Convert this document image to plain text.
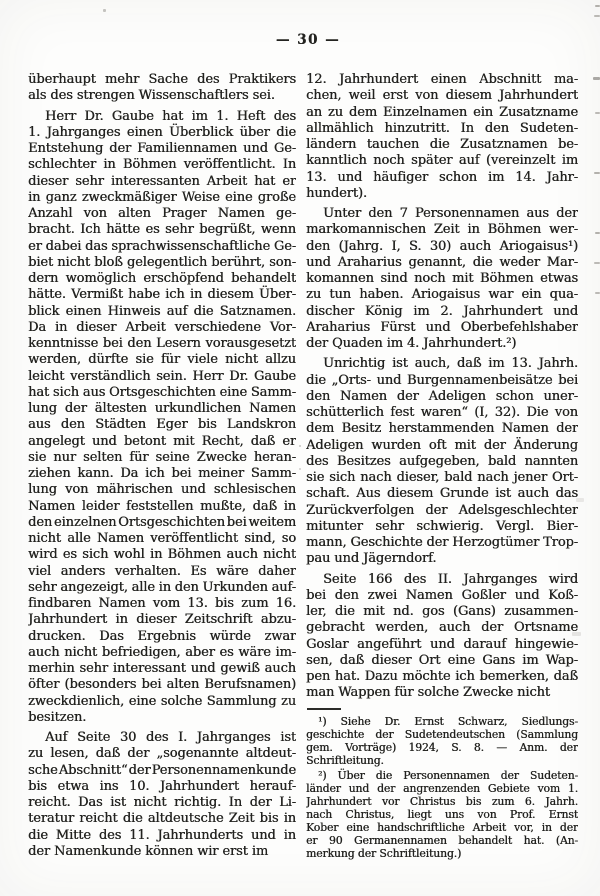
— 30 —
überhaupt mehr Sache des Praktikers
als des strengen Wissenschaftlers sei.
Herr Dr. Gaube hat im 1. Heft des
1. Jahrganges einen Überblick über die
Entstehung der Familiennamen und Ge-
schlechter in Böhmen veröffentlicht. In
dieser sehr interessanten Arbeit hat er
in ganz zweckmäßiger Weise eine große
Anzahl von alten Prager Namen ge-
bracht. Ich hätte es sehr begrüßt, wenn
er dabei das sprachwissenschaftliche Ge-
biet nicht bloß gelegentlich berührt, son-
dern womöglich erschöpfend behandelt
hätte. Vermißt habe ich in diesem Über-
blick einen Hinweis auf die Satznamen.
Da in dieser Arbeit verschiedene Vor-
kenntnisse bei den Lesern vorausgesetzt
werden, dürfte sie für viele nicht allzu
leicht verständlich sein. Herr Dr. Gaube
hat sich aus Ortsgeschichten eine Samm-
lung der ältesten urkundlichen Namen
aus den Städten Eger bis Landskron
angelegt und betont mit Recht, daß er
sie nur selten für seine Zwecke heran-
ziehen kann. Da ich bei meiner Samm-
lung von mährischen und schlesischen
Namen leider feststellen mußte, daß in
den einzelnen Ortsgeschichten bei weitem
nicht alle Namen veröffentlicht sind, so
wird es sich wohl in Böhmen auch nicht
viel anders verhalten. Es wäre daher
sehr angezeigt, alle in den Urkunden auf-
findbaren Namen vom 13. bis zum 16.
Jahrhundert in dieser Zeitschrift abzu-
drucken. Das Ergebnis würde zwar
auch nicht befriedigen, aber es wäre im-
merhin sehr interessant und gewiß auch
öfter (besonders bei alten Berufsnamen)
zweckdienlich, eine solche Sammlung zu
besitzen.
Auf Seite 30 des I. Jahrganges ist
zu lesen, daß der „sogenannte altdeut-
sche Abschnitt“ der Personennamenkunde
bis etwa ins 10. Jahrhundert herauf-
reicht. Das ist nicht richtig. In der Li-
teratur reicht die altdeutsche Zeit bis in
die Mitte des 11. Jahrhunderts und in
der Namenkunde können wir erst im
12. Jahrhundert einen Abschnitt ma-
chen, weil erst von diesem Jahrhundert
an zu dem Einzelnamen ein Zusatzname
allmählich hinzutritt. In den Sudeten-
ländern tauchen die Zusatznamen be-
kanntlich noch später auf (vereinzelt im
13. und häufiger schon im 14. Jahr-
hundert).
Unter den 7 Personennamen aus der
markomannischen Zeit in Böhmen wer-
den (Jahrg. I, S. 30) auch Ariogaisus¹)
und Araharius genannt, die weder Mar-
komannen sind noch mit Böhmen etwas
zu tun haben. Ariogaisus war ein qua-
discher König im 2. Jahrhundert und
Araharius Fürst und Oberbefehlshaber
der Quaden im 4. Jahrhundert.²)
Unrichtig ist auch, daß im 13. Jahrh.
die „Orts- und Burgennamenbeisätze bei
den Namen der Adeligen schon uner-
schütterlich fest waren“ (I, 32). Die von
dem Besitz herstammenden Namen der
Adeligen wurden oft mit der Änderung
des Besitzes aufgegeben, bald nannten
sie sich nach dieser, bald nach jener Ort-
schaft. Aus diesem Grunde ist auch das
Zurückverfolgen der Adelsgeschlechter
mitunter sehr schwierig. Vergl. Bier-
mann, Geschichte der Herzogtümer Trop-
pau und Jägerndorf.
Seite 166 des II. Jahrganges wird
bei den zwei Namen Goßler und Koß-
ler, die mit nd. gos (Gans) zusammen-
gebracht werden, auch der Ortsname
Goslar angeführt und darauf hingewie-
sen, daß dieser Ort eine Gans im Wap-
pen hat. Dazu möchte ich bemerken, daß
man Wappen für solche Zwecke nicht
¹) Siehe Dr. Ernst Schwarz, Siedlungs-
geschichte der Sudetendeutschen (Sammlung
gem. Vorträge) 1924, S. 8. — Anm. der
Schriftleitung.
²) Über die Personennamen der Sudeten-
länder und der angrenzenden Gebiete vom 1.
Jahrhundert vor Christus bis zum 6. Jahrh.
nach Christus, liegt uns von Prof. Ernst
Kober eine handschriftliche Arbeit vor, in der
er 90 Germanennamen behandelt hat. (An-
merkung der Schriftleitung.)
